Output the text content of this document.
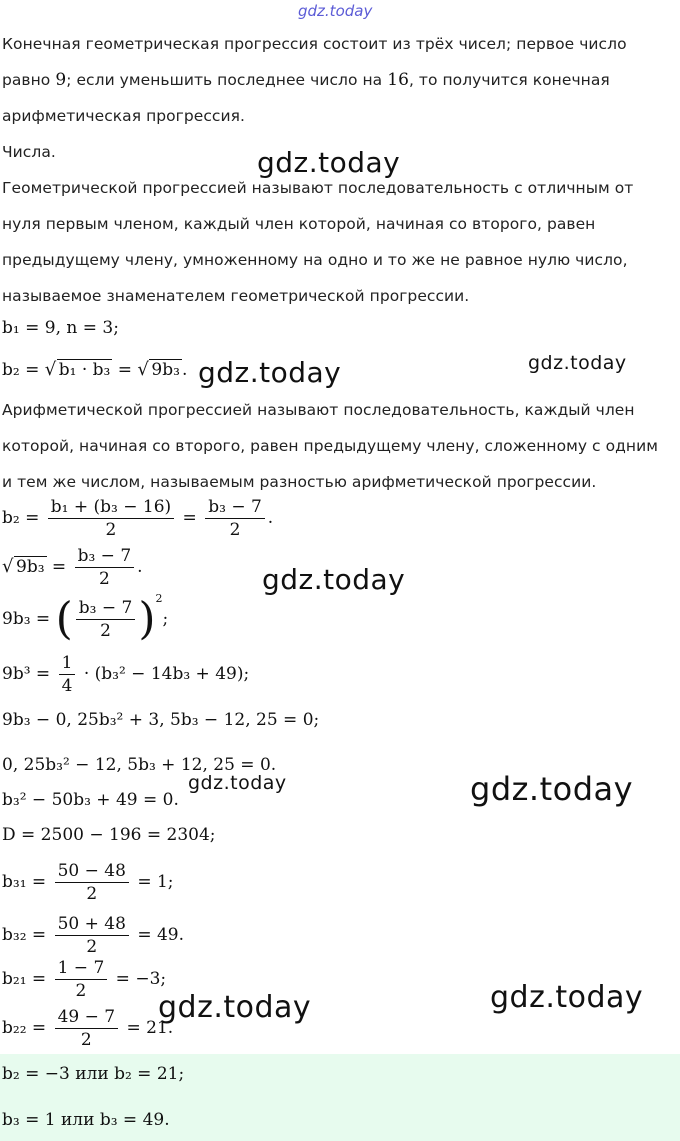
gdz.today
Конечная геометрическая прогрессия состоит из трёх чисел; первое число
равно 9; если уменьшить последнее число на 16, то получится конечная
арифметическая прогрессия.
Числа.	gdz.today
Геометрической прогрессией называют последовательность с отличным от
нуля первым членом, каждый член которой, начиная со второго, равен
предыдущему члену, умноженному на одно и то же не равное нулю число,
называемое знаменателем геометрической прогрессии.
b₁ = 9, n = 3;
b₂ = √ b₁ · b₃ = √ 9b₃ . gdz.today	gdz.today
Арифметической прогрессией называют последовательность, каждый член
которой, начиная со второго, равен предыдущему члену, сложенному с одним
и тем же числом, называемым разностью арифметической прогрессии.
$b_2 = \frac{\text{b₁ + (b₃ − 16)}}{2} = \frac{\text{b₃ − 7}}{2}$ .
√ $9b_3 = \frac{\text{b₃ − 7}}{2}$ .	gdz.today
9b₃ = ( $\frac{\text{b₃ − 7}}{2} )^2$;
$9b^3 = \frac{1}{4} \cdot (b_3^2 - 14b_3 + 49)$;
9b₃ − 0, 25b₃² + 3, 5b₃ − 12, 25 = 0;
0, 25b₃² − 12, 5b₃ + 12, 25 = 0.
gdz.today	gdz.today
b₃² − 50b₃ + 49 = 0.
D = 2500 − 196 = 2304;
$b_{31} = \frac{50 - 48}{2} = 1$;
$b_{32} = \frac{50 + 48}{2} = 49$.
$b_{21} = \frac{1 - 7}{2} = -3$;
gdz.today	gdz.today
$b_{22} = \frac{49 - 7}{2} = 21$.
b₂ = −3 или b₂ = 21;
b₃ = 1 или b₃ = 49.
